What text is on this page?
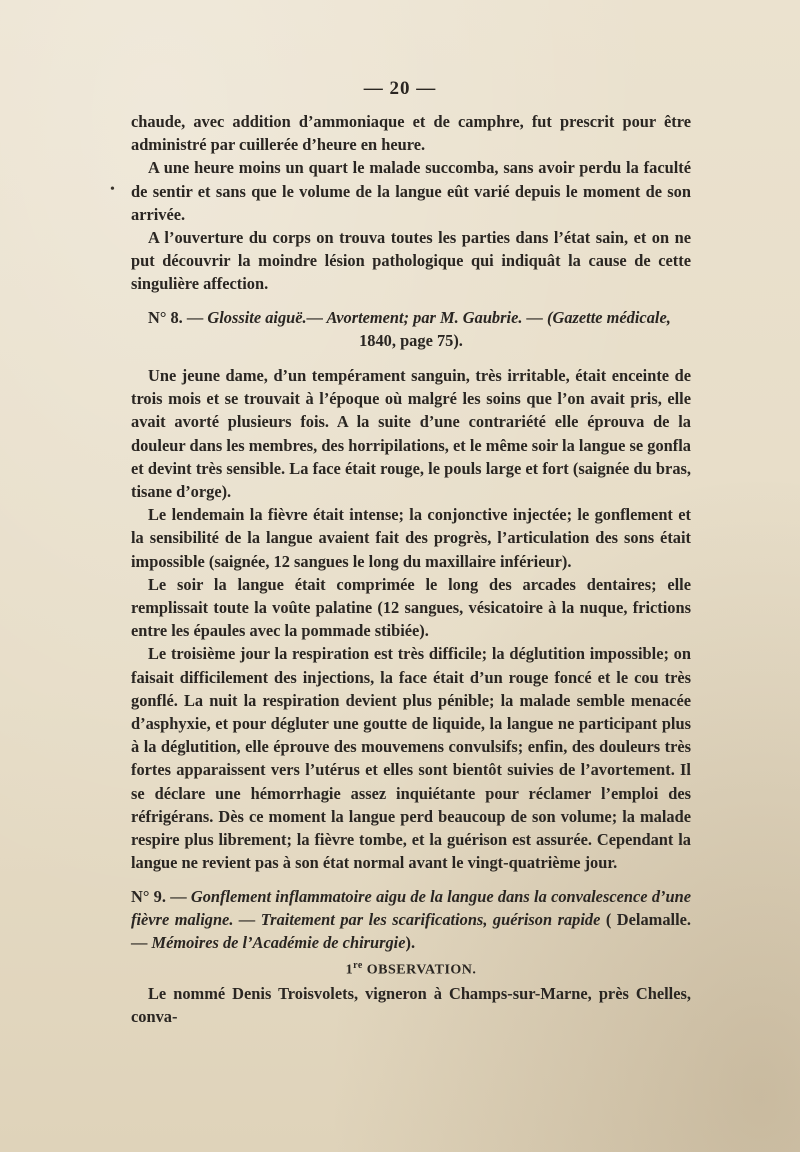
— 20 —
•

chaude, avec addition d’ammoniaque et de camphre, fut prescrit pour être administré par cuillerée d’heure en heure.

A une heure moins un quart le malade succomba, sans avoir perdu la faculté de sentir et sans que le volume de la langue eût varié depuis le moment de son arrivée.

A l’ouverture du corps on trouva toutes les parties dans l’état sain, et on ne put découvrir la moindre lésion pathologique qui indiquât la cause de cette singulière affection.

N° 8. — Glossite aiguë.— Avortement; par M. Gaubrie. — (Gazette médicale,
1840, page 75).

Une jeune dame, d’un tempérament sanguin, très irritable, était enceinte de trois mois et se trouvait à l’époque où malgré les soins que l’on avait pris, elle avait avorté plusieurs fois. A la suite d’une contrariété elle éprouva de la douleur dans les membres, des horripilations, et le même soir la langue se gonfla et devint très sensible. La face était rouge, le pouls large et fort (saignée du bras, tisane d’orge).

Le lendemain la fièvre était intense; la conjonctive injectée; le gonflement et la sensibilité de la langue avaient fait des progrès, l’articulation des sons était impossible (saignée, 12 sangues le long du maxillaire inférieur).

Le soir la langue était comprimée le long des arcades dentaires; elle remplissait toute la voûte palatine (12 sangues, vésicatoire à la nuque, frictions entre les épaules avec la pommade stibiée).

Le troisième jour la respiration est très difficile; la déglutition impossible; on faisait difficilement des injections, la face était d’un rouge foncé et le cou très gonflé. La nuit la respiration devient plus pénible; la malade semble menacée d’asphyxie, et pour dégluter une goutte de liquide, la langue ne participant plus à la déglutition, elle éprouve des mouvemens convulsifs; enfin, des douleurs très fortes apparaissent vers l’utérus et elles sont bientôt suivies de l’avortement. Il se déclare une hémorrhagie assez inquiétante pour réclamer l’emploi des réfrigérans. Dès ce moment la langue perd beaucoup de son volume; la malade respire plus librement; la fièvre tombe, et la guérison est assurée. Cependant la langue ne revient pas à son état normal avant le vingt-quatrième jour.

N° 9. — Gonflement inflammatoire aigu de la langue dans la convalescence d’une fièvre maligne. — Traitement par les scarifications, guérison rapide ( Delamalle. — Mémoires de l’Académie de chirurgie).

1re OBSERVATION.

Le nommé Denis Troisvolets, vigneron à Champs-sur-Marne, près Chelles, conva-
